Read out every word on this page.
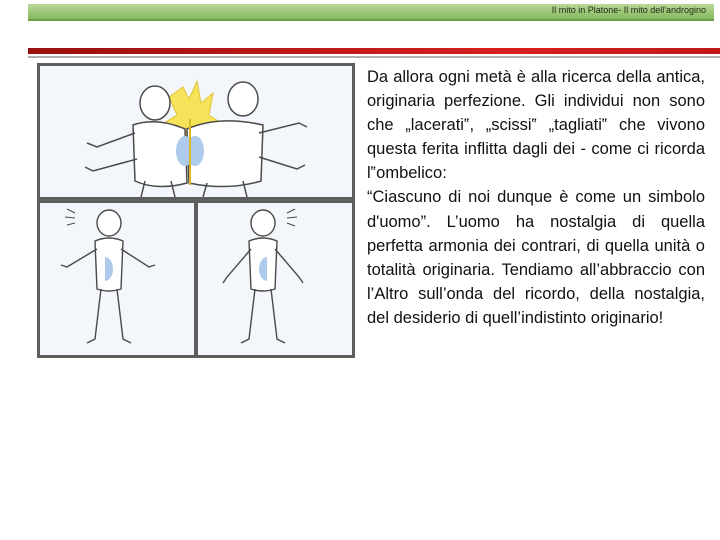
Il mito in Platone- Il mito dell'androgino

Da allora ogni metà è alla ricerca della antica, originaria perfezione. Gli individui non sono che „lacerati‟, „scissi‟ „tagliati‟ che vivono questa ferita inflitta dagli dei - come ci ricorda l‟ombelico:

“Ciascuno di noi dunque è come un simbolo d'uomo”. L’uomo ha nostalgia di quella perfetta armonia dei contrari, di quella unità o totalità originaria. Tendiamo all’abbraccio con l’Altro sull’onda del ricordo, della nostalgia, del desiderio di quell’indistinto originario!
